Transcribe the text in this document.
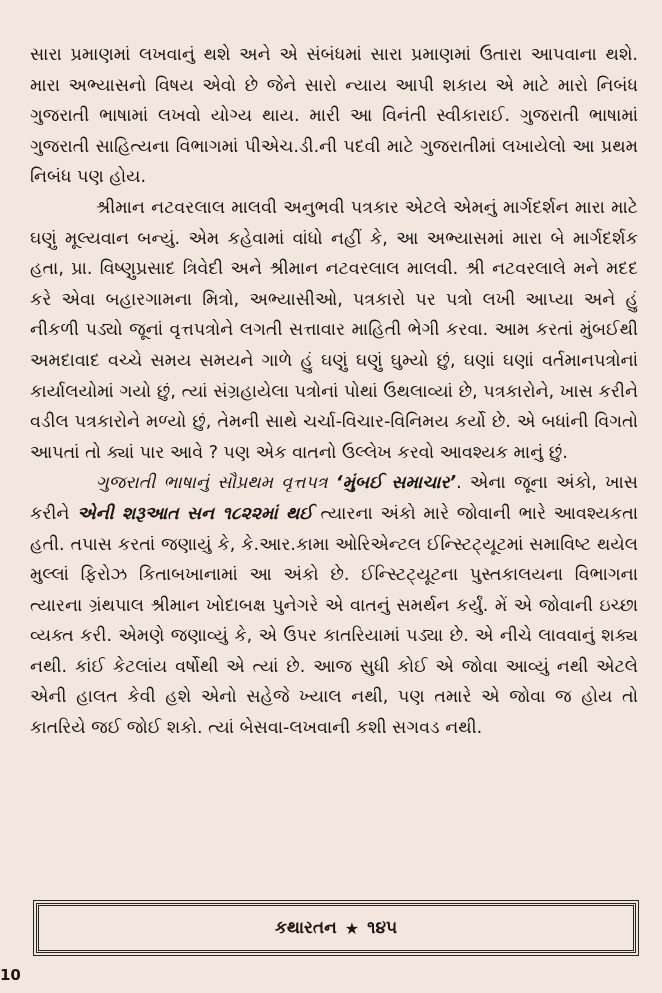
સારા પ્રમાણમાં લખવાનું થશે અને એ સંબંધમાં સારા પ્રમાણમાં ઉતારા આપવાના થશે. મારા અભ્યાસનો વિષય એવો છે જેને સારો ન્યાય આપી શકાય એ માટે મારો નિબંધ ગુજરાતી ભાષામાં લખવો યોગ્ય થાય. મારી આ વિનંતી સ્વીકારાઈ. ગુજરાતી ભાષામાં ગુજરાતી સાહિત્યના વિભાગમાં પીએચ.ડી.ની પદવી માટે ગુજરાતીમાં લખાયેલો આ પ્રથમ નિબંધ પણ હોય.

શ્રીમાન નટવરલાલ માલવી અનુભવી પત્રકાર એટલે એમનું માર્ગદર્શન મારા માટે ઘણું મૂલ્યવાન બન્યું. એમ કહેવામાં વાંધો નહીં કે, આ અભ્યાસમાં મારા બે માર્ગદર્શક હતા, પ્રા. વિષ્ણુપ્રસાદ ત્રિવેદી અને શ્રીમાન નટવરલાલ માલવી. શ્રી નટવરલાલે મને મદદ કરે એવા બહારગામના મિત્રો, અભ્યાસીઓ, પત્રકારો પર પત્રો લખી આપ્યા અને હું નીકળી પડ્યો જૂનાં વૃત્તપત્રોને લગતી સત્તાવાર માહિતી ભેગી કરવા. આમ કરતાં મુંબઈથી અમદાવાદ વચ્ચે સમય સમયને ગાળે હું ઘણું ઘણું ઘુમ્યો છું, ઘણાં ઘણાં વર્તમાનપત્રોનાં કાર્યાલયોમાં ગયો છું, ત્યાં સંગ્રહાયેલા પત્રોનાં પોથાં ઉથલાવ્યાં છે, પત્રકારોને, ખાસ કરીને વડીલ પત્રકારોને મળ્યો છું, તેમની સાથે ચર્ચા-વિચાર-વિનિમય કર્યો છે. એ બધાંની વિગતો આપતાં તો ક્યાં પાર આવે ? પણ એક વાતનો ઉલ્લેખ કરવો આવશ્યક માનું છું.

ગુજરાતી ભાષાનું સૌપ્રથમ વૃત્તપત્ર ‘મુંબઈ સમાચાર’. એના જૂના અંકો, ખાસ કરીને એની શરૂઆત સન ૧૮૨૨માં થઈ ત્યારના અંકો મારે જોવાની ભારે આવશ્યકતા હતી. તપાસ કરતાં જણાયું કે, કે.આર.કામા ઓરિએન્ટલ ઈન્સ્ટિટ્યૂટમાં સમાવિષ્ટ થયેલ મુલ્લાં ફિરોઝ કિતાબખાનામાં આ અંકો છે. ઈન્સ્ટિટ્યૂટના પુસ્તકાલયના વિભાગના ત્યારના ગ્રંથપાલ શ્રીમાન ખોદાબક્ષ પુનેગરે એ વાતનું સમર્થન કર્યું. મેં એ જોવાની ઇચ્છા વ્યક્ત કરી. એમણે જણાવ્યું કે, એ ઉપર કાતરિયામાં પડ્યા છે. એ નીચે લાવવાનું શક્ય નથી. કાંઈ કેટલાંય વર્ષોથી એ ત્યાં છે. આજ સુધી કોઈ એ જોવા આવ્યું નથી એટલે એની હાલત કેવી હશે એનો સહેજે ખ્યાલ નથી, પણ તમારે એ જોવા જ હોય તો કાતરિયે જઈ જોઈ શકો. ત્યાં બેસવા-લખવાની કશી સગવડ નથી.

કથારતન ★ ૧૪૫
10
